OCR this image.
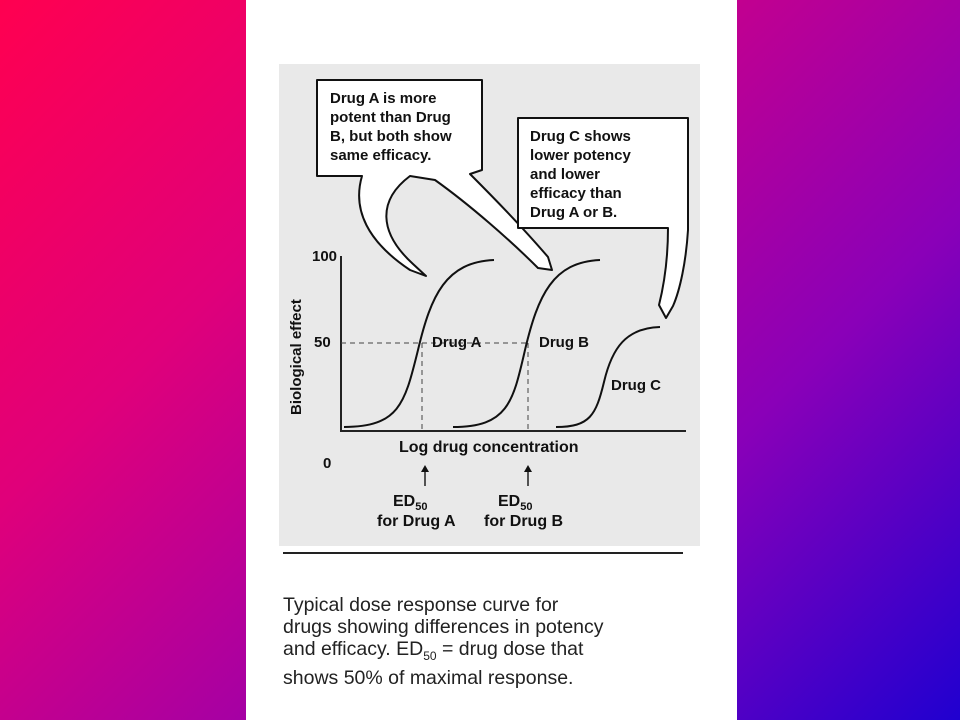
100
50
0
Biological effect
Log drug concentration
Drug A	Drug B
Drug C
$ED_{50}$
for Drug A
$ED_{50}$
for Drug B
Drug A is more
potent than Drug
B, but both show
same efficacy.
Drug C shows
lower potency
and lower
efficacy than
Drug A or B.
Typical dose response curve for
drugs showing differences in potency
and efficacy. $ED_{50}$ = drug dose that
shows 50% of maximal response.
